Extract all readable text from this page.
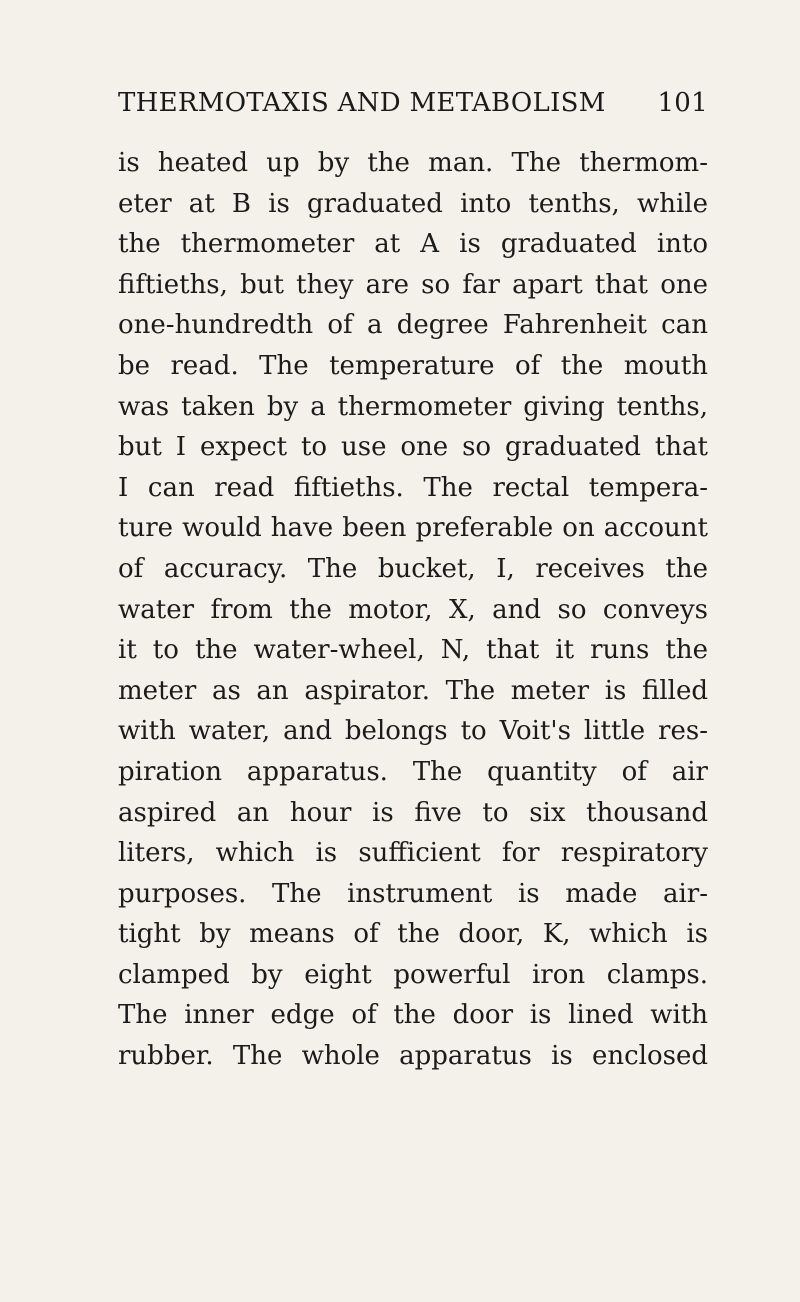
THERMOTAXIS AND METABOLISM 101
is heated up by the man. The thermom-
eter at B is graduated into tenths, while
the thermometer at A is graduated into
fiftieths, but they are so far apart that one
one-hundredth of a degree Fahrenheit can
be read. The temperature of the mouth
was taken by a thermometer giving tenths,
but I expect to use one so graduated that
I can read fiftieths. The rectal tempera-
ture would have been preferable on account
of accuracy. The bucket, I, receives the
water from the motor, X, and so conveys
it to the water-wheel, N, that it runs the
meter as an aspirator. The meter is filled
with water, and belongs to Voit's little res-
piration apparatus. The quantity of air
aspired an hour is five to six thousand
liters, which is sufficient for respiratory
purposes. The instrument is made air-
tight by means of the door, K, which is
clamped by eight powerful iron clamps.
The inner edge of the door is lined with
rubber. The whole apparatus is enclosed
